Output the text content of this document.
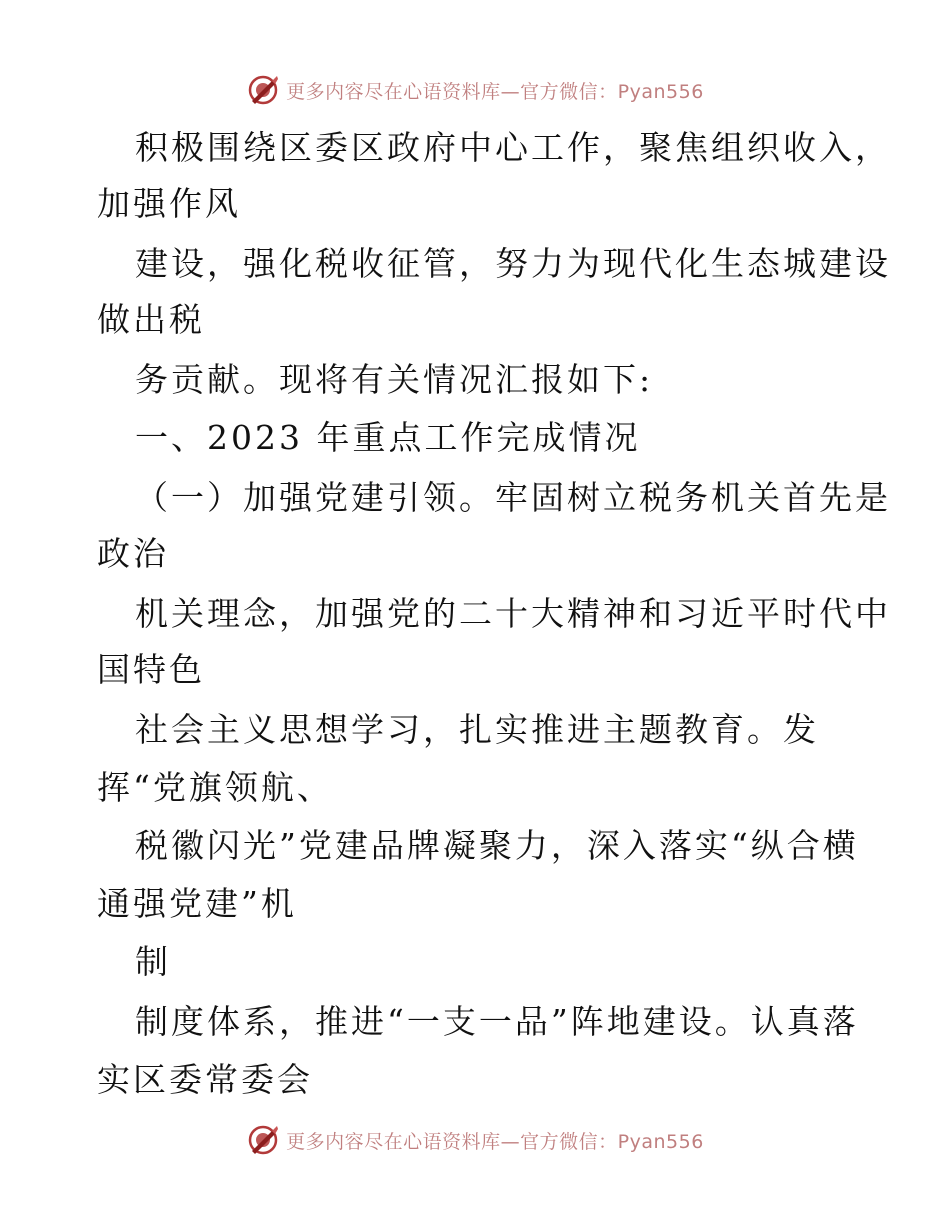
更多内容尽在心语资料库—官方微信：Pyan556
积极围绕区委区政府中心工作，聚焦组织收入，
加强作风
建设，强化税收征管，努力为现代化生态城建设
做出税
务贡献。现将有关情况汇报如下:
一、2023 年重点工作完成情况
（一）加强党建引领。牢固树立税务机关首先是
政治
机关理念，加强党的二十大精神和习近平时代中
国特色
社会主义思想学习，扎实推进主题教育。发
挥“党旗领航、
税徽闪光”党建品牌凝聚力，深入落实“纵合横
通强党建”机
制
制度体系，推进“一支一品”阵地建设。认真落
实区委常委会
更多内容尽在心语资料库—官方微信：Pyan556
